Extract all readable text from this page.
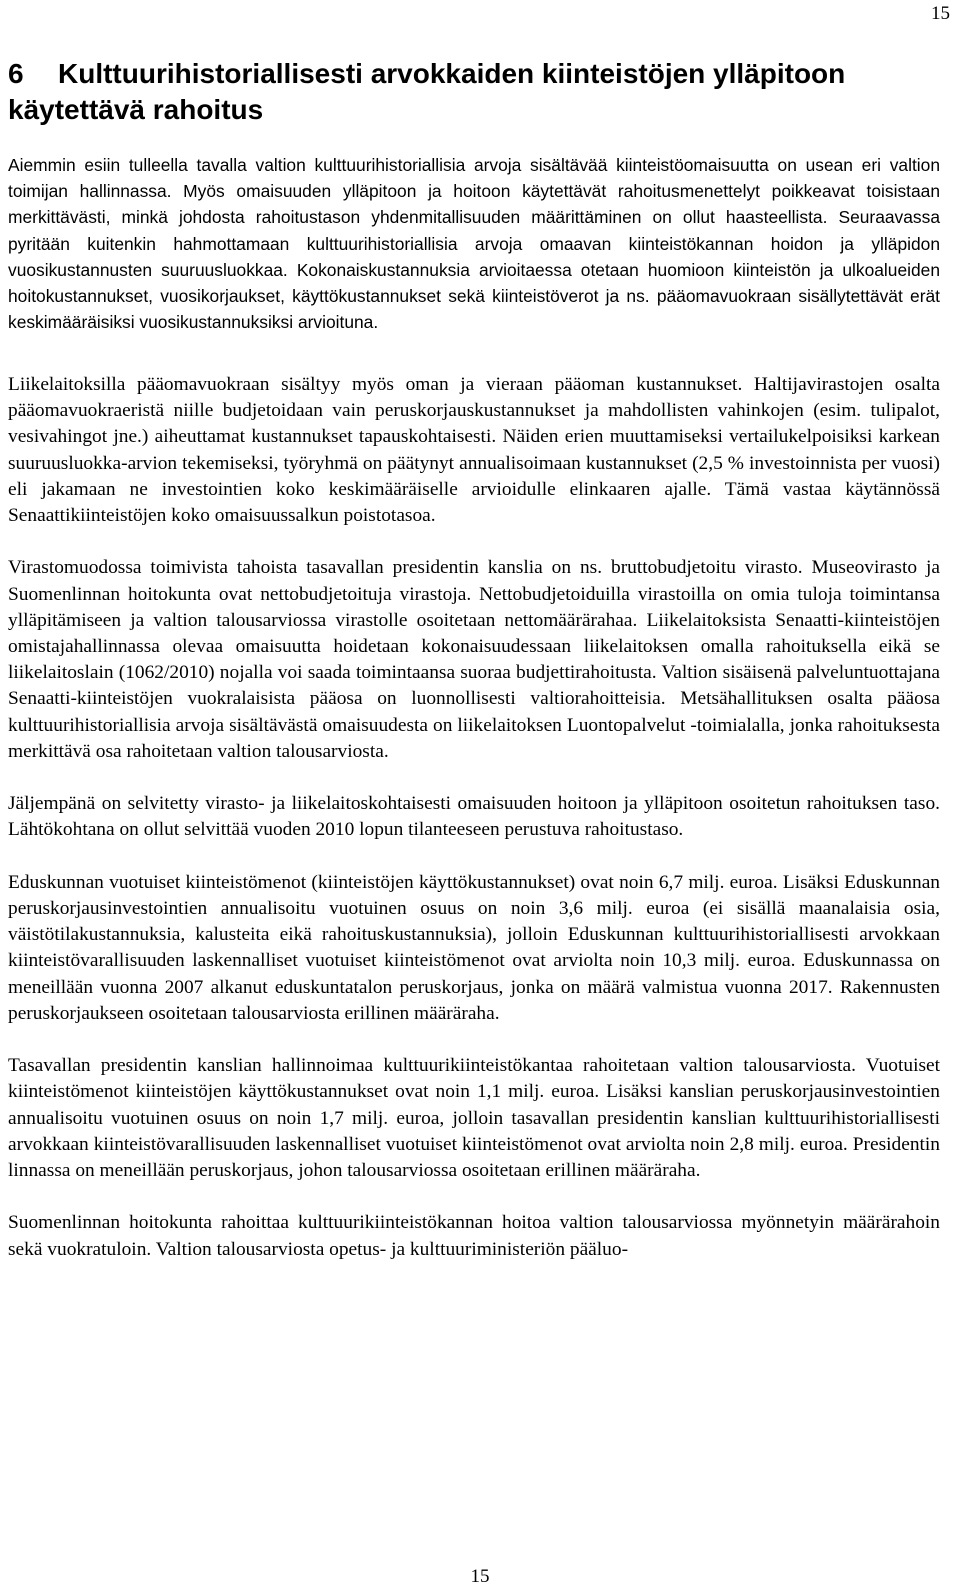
15
6 Kulttuurihistoriallisesti arvokkaiden kiinteistöjen ylläpitoon käytettävä rahoitus

Aiemmin esiin tulleella tavalla valtion kulttuurihistoriallisia arvoja sisältävää kiinteistöomaisuutta on usean eri valtion toimijan hallinnassa. Myös omaisuuden ylläpitoon ja hoitoon käytettävät rahoitusmenettelyt poikkeavat toisistaan merkittävästi, minkä johdosta rahoitustason yhdenmitallisuuden määrittäminen on ollut haasteellista. Seuraavassa pyritään kuitenkin hahmottamaan kulttuurihistoriallisia arvoja omaavan kiinteistökannan hoidon ja ylläpidon vuosikustannusten suuruusluokkaa. Kokonaiskustannuksia arvioitaessa otetaan huomioon kiinteistön ja ulkoalueiden hoitokustannukset, vuosikorjaukset, käyttökustannukset sekä kiinteistöverot ja ns. pääomavuokraan sisällytettävät erät keskimääräisiksi vuosikustannuksiksi arvioituna.

Liikelaitoksilla pääomavuokraan sisältyy myös oman ja vieraan pääoman kustannukset. Haltijavirastojen osalta pääomavuokraeristä niille budjetoidaan vain peruskorjauskustannukset ja mahdollisten vahinkojen (esim. tulipalot, vesivahingot jne.) aiheuttamat kustannukset tapauskohtaisesti. Näiden erien muuttamiseksi vertailukelpoisiksi karkean suuruusluokka-arvion tekemiseksi, työryhmä on päätynyt annualisoimaan kustannukset (2,5 % investoinnista per vuosi) eli jakamaan ne investointien koko keskimääräiselle arvioidulle elinkaaren ajalle. Tämä vastaa käytännössä Senaattikiinteistöjen koko omaisuussalkun poistotasoa.

Virastomuodossa toimivista tahoista tasavallan presidentin kanslia on ns. bruttobudjetoitu virasto. Museovirasto ja Suomenlinnan hoitokunta ovat nettobudjetoituja virastoja. Nettobudjetoiduilla virastoilla on omia tuloja toimintansa ylläpitämiseen ja valtion talousarviossa virastolle osoitetaan nettomäärärahaa. Liikelaitoksista Senaatti-kiinteistöjen omistajahallinnassa olevaa omaisuutta hoidetaan kokonaisuudessaan liikelaitoksen omalla rahoituksella eikä se liikelaitoslain (1062/2010) nojalla voi saada toimintaansa suoraa budjettirahoitusta. Valtion sisäisenä palveluntuottajana Senaatti-kiinteistöjen vuokralaisista pääosa on luonnollisesti valtiorahoitteisia. Metsähallituksen osalta pääosa kulttuurihistoriallisia arvoja sisältävästä omaisuudesta on liikelaitoksen Luontopalvelut -toimialalla, jonka rahoituksesta merkittävä osa rahoitetaan valtion talousarviosta.

Jäljempänä on selvitetty virasto- ja liikelaitoskohtaisesti omaisuuden hoitoon ja ylläpitoon osoitetun rahoituksen taso. Lähtökohtana on ollut selvittää vuoden 2010 lopun tilanteeseen perustuva rahoitustaso.

Eduskunnan vuotuiset kiinteistömenot (kiinteistöjen käyttökustannukset) ovat noin 6,7 milj. euroa. Lisäksi Eduskunnan peruskorjausinvestointien annualisoitu vuotuinen osuus on noin 3,6 milj. euroa (ei sisällä maanalaisia osia, väistötilakustannuksia, kalusteita eikä rahoituskustannuksia), jolloin Eduskunnan kulttuurihistoriallisesti arvokkaan kiinteistövarallisuuden laskennalliset vuotuiset kiinteistömenot ovat arviolta noin 10,3 milj. euroa. Eduskunnassa on meneillään vuonna 2007 alkanut eduskuntatalon peruskorjaus, jonka on määrä valmistua vuonna 2017. Rakennusten peruskorjaukseen osoitetaan talousarviosta erillinen määräraha.

Tasavallan presidentin kanslian hallinnoimaa kulttuurikiinteistökantaa rahoitetaan valtion talousarviosta. Vuotuiset kiinteistömenot kiinteistöjen käyttökustannukset ovat noin 1,1 milj. euroa. Lisäksi kanslian peruskorjausinvestointien annualisoitu vuotuinen osuus on noin 1,7 milj. euroa, jolloin tasavallan presidentin kanslian kulttuurihistoriallisesti arvokkaan kiinteistövarallisuuden laskennalliset vuotuiset kiinteistömenot ovat arviolta noin 2,8 milj. euroa. Presidentin linnassa on meneillään peruskorjaus, johon talousarviossa osoitetaan erillinen määräraha.

Suomenlinnan hoitokunta rahoittaa kulttuurikiinteistökannan hoitoa valtion talousarviossa myönnetyin määrärahoin sekä vuokratuloin. Valtion talousarviosta opetus- ja kulttuuriministeriön pääluo-

15
